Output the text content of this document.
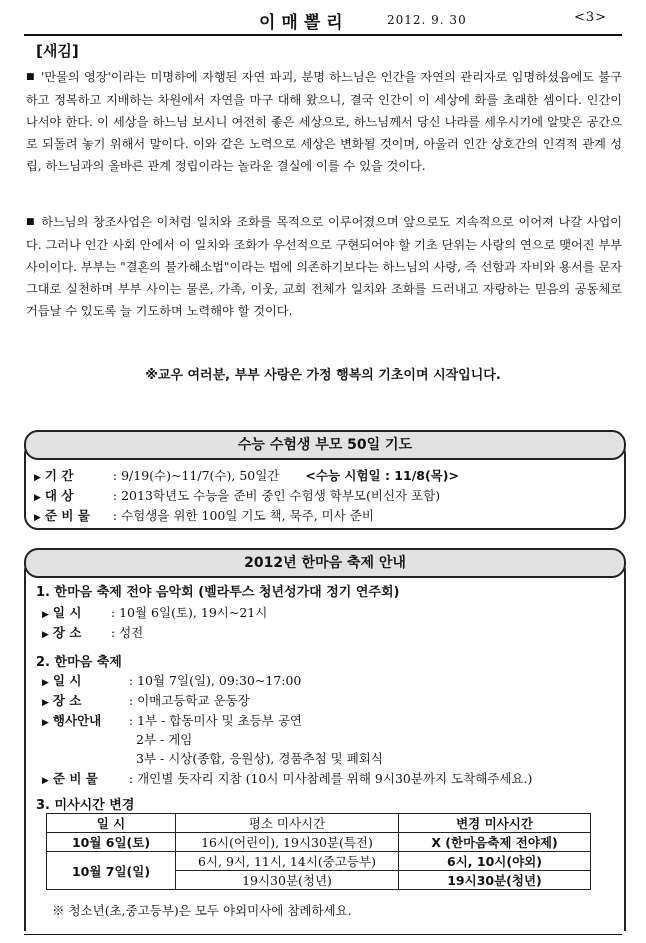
이매뽈리	2012. 9. 30	<3>
[새김]
■ '만물의 영장'이라는 미명하에 자행된 자연 파괴, 분명 하느님은 인간을 자연의 관리자로 임명하셨음에도 불구하고 정복하고 지배하는 차원에서 자연을 마구 대해 왔으니, 결국 인간이 이 세상에 화를 초래한 셈이다. 인간이 나서야 한다. 이 세상을 하느님 보시니 여전히 좋은 세상으로, 하느님께서 당신 나라를 세우시기에 알맞은 공간으로 되돌려 놓기 위해서 말이다. 이와 같은 노력으로 세상은 변화될 것이며, 아울러 인간 상호간의 인격적 관계 성립, 하느님과의 올바른 관계 정립이라는 놀라운 결실에 이를 수 있을 것이다.
■ 하느님의 창조사업은 이처럼 일치와 조화를 목적으로 이루어졌으며 앞으로도 지속적으로 이어져 나갈 사업이다. 그러나 인간 사회 안에서 이 일치와 조화가 우선적으로 구현되어야 할 기초 단위는 사랑의 연으로 맺어진 부부 사이이다. 부부는 "결혼의 불가해소법"이라는 법에 의존하기보다는 하느님의 사랑, 즉 선함과 자비와 용서를 문자 그대로 실천하며 부부 사이는 물론, 가족, 이웃, 교회 전체가 일치와 조화를 드러내고 자랑하는 믿음의 공동체로 거듭날 수 있도록 늘 기도하며 노력해야 할 것이다.
※교우 여러분, 부부 사랑은 가정 행복의 기초이며 시작입니다.
수능 수험생 부모 50일 기도
▶ 기 간	: 9/19(수)~11/7(수), 50일간 <수능 시험일 : 11/8(목)>
▶ 대 상	: 2013학년도 수능을 준비 중인 수험생 학부모(비신자 포함)
▶ 준 비 물 : 수험생을 위한 100일 기도 책, 묵주, 미사 준비
2012년 한마음 축제 안내
1. 한마음 축제 전야 음악회 (벨라투스 청년성가대 정기 연주회)
▶ 일 시 : 10월 6일(토), 19시~21시
▶ 장 소 : 성전
2. 한마음 축제
▶ 일 시	: 10월 7일(일), 09:30~17:00
▶ 장 소	: 이매고등학교 운동장
▶ 행사안내 : 1부 - 합동미사 및 초등부 공연
2부 - 게임
3부 - 시상(종합, 응원상), 경품추첨 및 폐회식
▶ 준 비 물 : 개인별 돗자리 지참 (10시 미사참례를 위해 9시30분까지 도착해주세요.)
3. 미사시간 변경
일 시	평소 미사시간	변경 미사시간
10월 6일(토)	16시(어린이), 19시30분(특전)	X (한마음축제 전야제)
10월 7일(일)	6시, 9시, 11시, 14시(중고등부)	6시, 10시(야외)
	19시30분(청년)	19시30분(청년)
※ 청소년(초,중고등부)은 모두 야외미사에 참례하세요.
